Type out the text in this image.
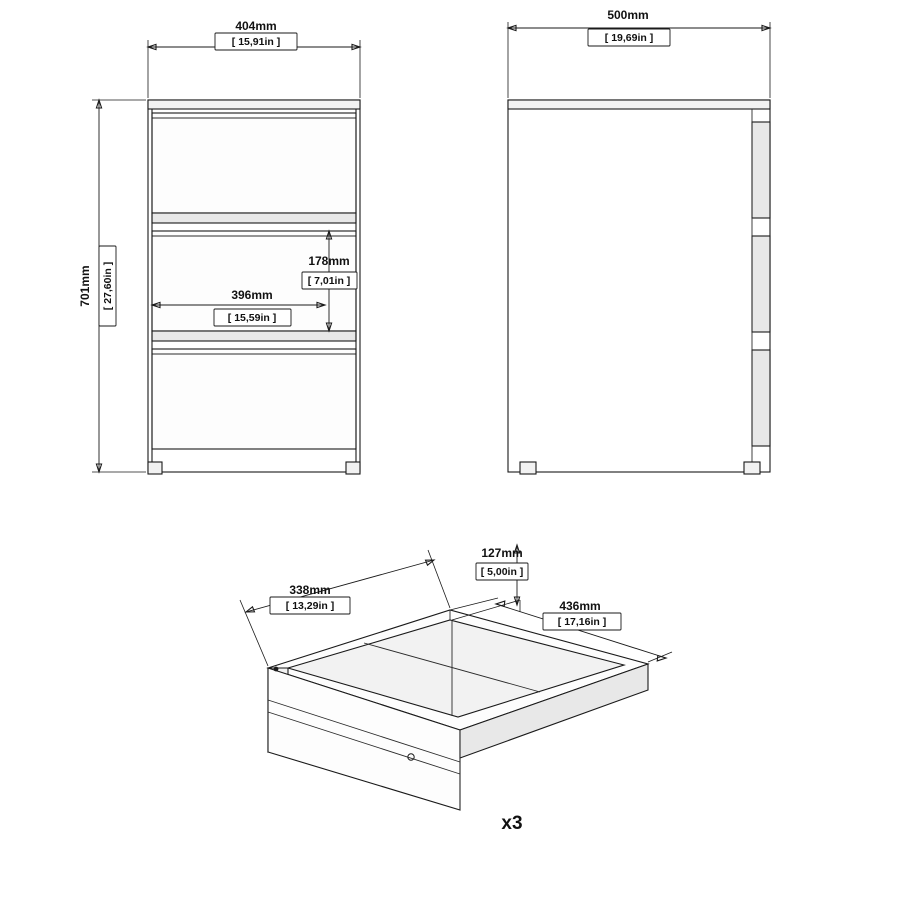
404mm
[ 15,91in ]
701mm [ 27,60in ]	396mm
[ 15,59in ]
178mm
[ 7,01in ]
500mm
[ 19,69in ]
338mm
[ 13,29in ]
127mm
[ 5,00in ]
436mm
[ 17,16in ]
x3
